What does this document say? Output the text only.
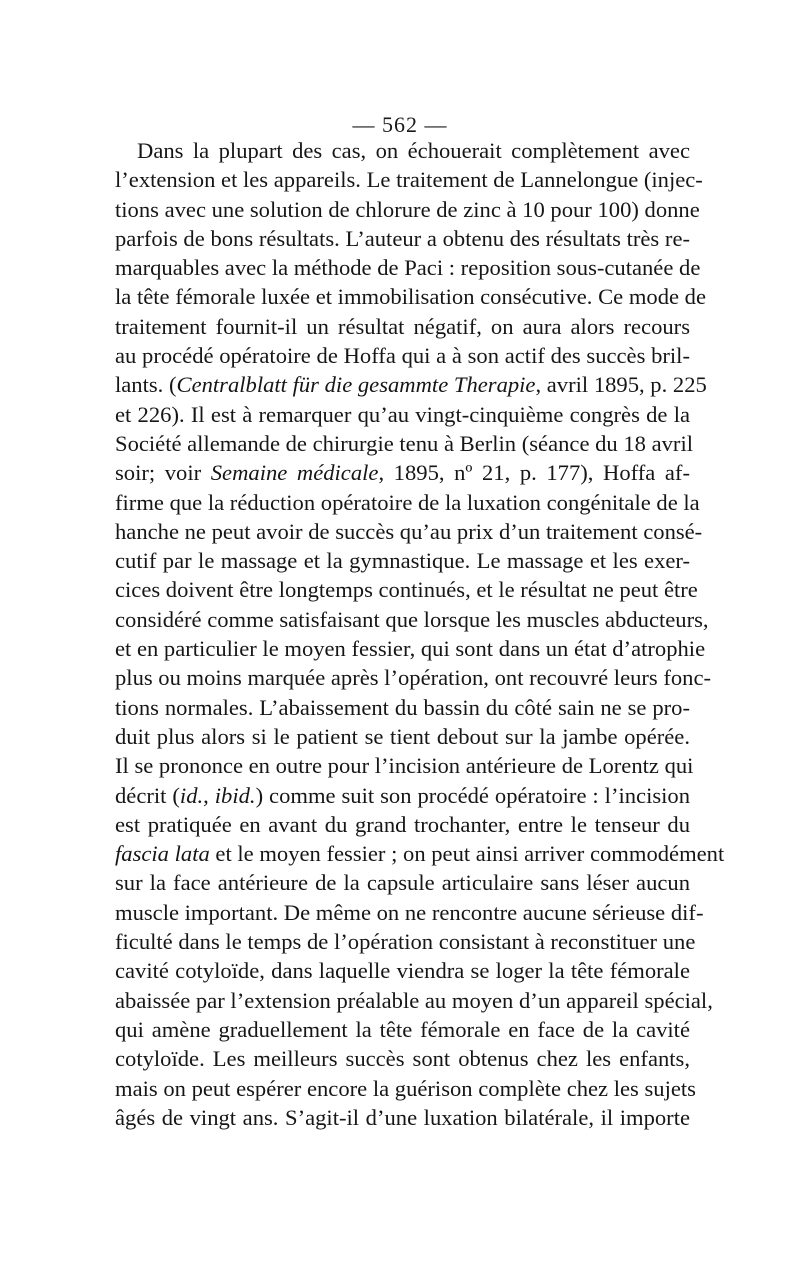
— 562 —
Dans la plupart des cas, on échouerait complètement avec
l’extension et les appareils. Le traitement de Lannelongue (injec-
tions avec une solution de chlorure de zinc à 10 pour 100) donne
parfois de bons résultats. L’auteur a obtenu des résultats très re-
marquables avec la méthode de Paci : reposition sous-cutanée de
la tête fémorale luxée et immobilisation consécutive. Ce mode de
traitement fournit-il un résultat négatif, on aura alors recours
au procédé opératoire de Hoffa qui a à son actif des succès bril-
lants. (Centralblatt für die gesammte Therapie, avril 1895, p. 225
et 226). Il est à remarquer qu’au vingt-cinquième congrès de la
Société allemande de chirurgie tenu à Berlin (séance du 18 avril
soir; voir Semaine médicale, 1895, nº 21, p. 177), Hoffa af-
firme que la réduction opératoire de la luxation congénitale de la
hanche ne peut avoir de succès qu’au prix d’un traitement consé-
cutif par le massage et la gymnastique. Le massage et les exer-
cices doivent être longtemps continués, et le résultat ne peut être
considéré comme satisfaisant que lorsque les muscles abducteurs,
et en particulier le moyen fessier, qui sont dans un état d’atrophie
plus ou moins marquée après l’opération, ont recouvré leurs fonc-
tions normales. L’abaissement du bassin du côté sain ne se pro-
duit plus alors si le patient se tient debout sur la jambe opérée.
Il se prononce en outre pour l’incision antérieure de Lorentz qui
décrit (id., ibid.) comme suit son procédé opératoire : l’incision
est pratiquée en avant du grand trochanter, entre le tenseur du
fascia lata et le moyen fessier ; on peut ainsi arriver commodément
sur la face antérieure de la capsule articulaire sans léser aucun
muscle important. De même on ne rencontre aucune sérieuse dif-
ficulté dans le temps de l’opération consistant à reconstituer une
cavité cotyloïde, dans laquelle viendra se loger la tête fémorale
abaissée par l’extension préalable au moyen d’un appareil spécial,
qui amène graduellement la tête fémorale en face de la cavité
cotyloïde. Les meilleurs succès sont obtenus chez les enfants,
mais on peut espérer encore la guérison complète chez les sujets
âgés de vingt ans. S’agit-il d’une luxation bilatérale, il importe
